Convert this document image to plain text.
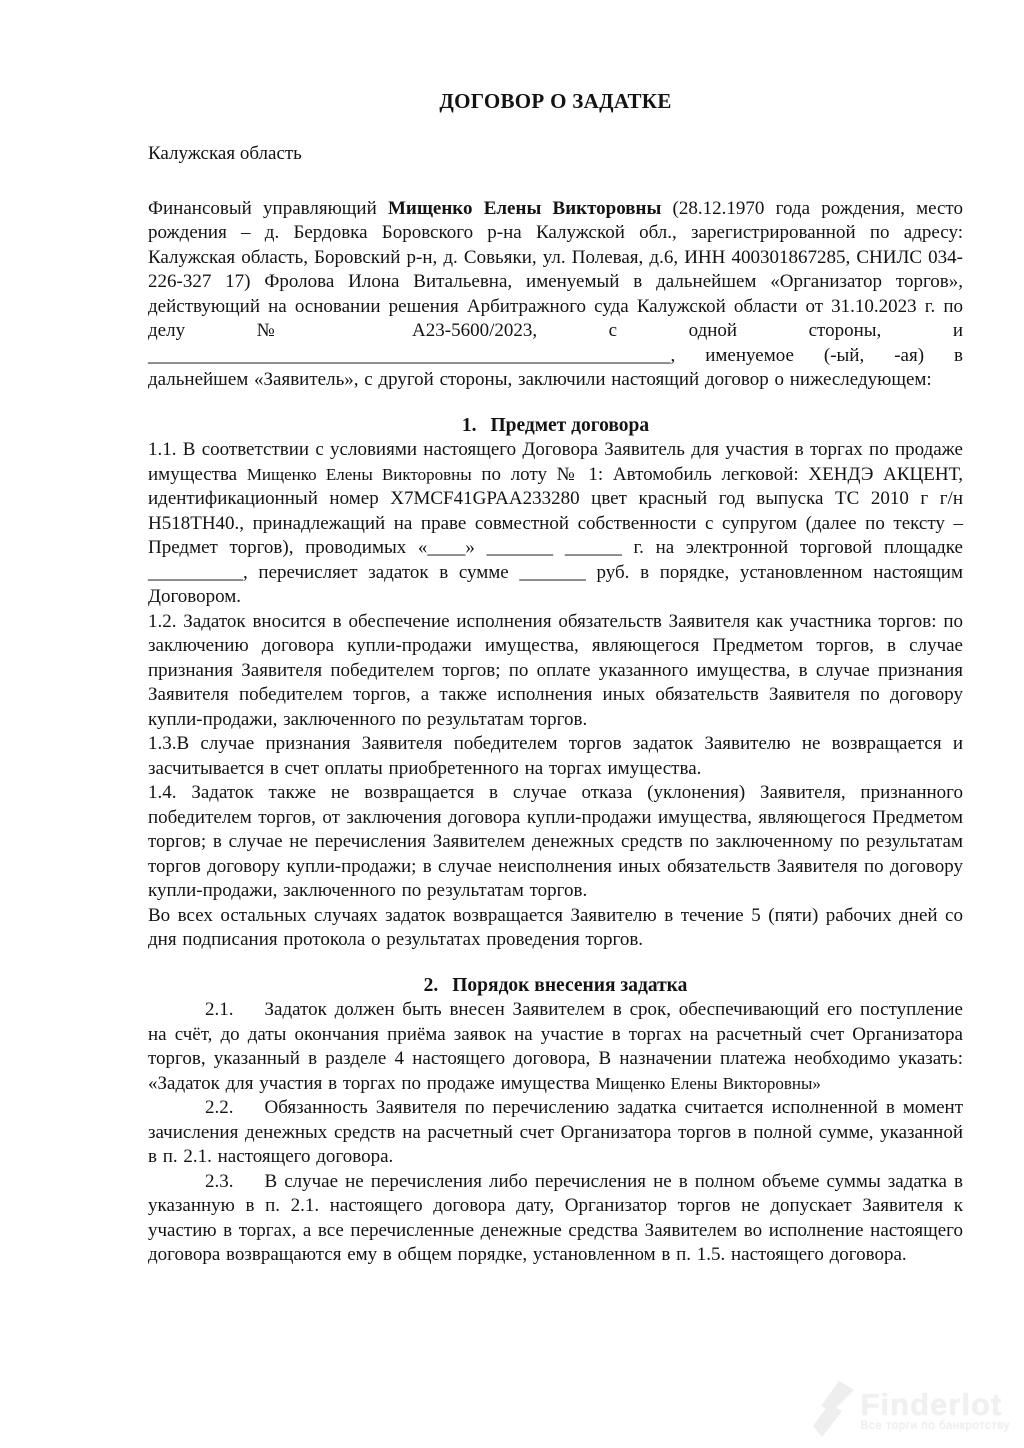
ДОГОВОР О ЗАДАТКЕ

Калужская область

Финансовый управляющий Мищенко Елены Викторовны (28.12.1970 года рождения, место рождения – д. Бердовка Боровского р-на Калужской обл., зарегистрированной по адресу: Калужская область, Боровский р-н, д. Совьяки, ул. Полевая, д.6, ИНН 400301867285, СНИЛС 034-226-327 17) Фролова Илона Витальевна, именуемый в дальнейшем «Организатор торгов», действующий на основании решения Арбитражного суда Калужской области от 31.10.2023 г. по делу № А23-5600/2023, с одной стороны, и _______________________________________________________, именуемое (-ый, -ая) в дальнейшем «Заявитель», с другой стороны, заключили настоящий договор о нижеследующем:

1. Предмет договора

1.1. В соответствии с условиями настоящего Договора Заявитель для участия в торгах по продаже имущества Мищенко Елены Викторовны по лоту № 1: Автомобиль легковой: ХЕНДЭ АКЦЕНТ, идентификационный номер X7MCF41GPAA233280 цвет красный год выпуска ТС 2010 г г/н Н518ТН40., принадлежащий на праве совместной собственности с супругом (далее по тексту – Предмет торгов), проводимых «____» _______ ______ г. на электронной торговой площадке __________, перечисляет задаток в сумме _______ руб. в порядке, установленном настоящим Договором.

1.2. Задаток вносится в обеспечение исполнения обязательств Заявителя как участника торгов: по заключению договора купли-продажи имущества, являющегося Предметом торгов, в случае признания Заявителя победителем торгов; по оплате указанного имущества, в случае признания Заявителя победителем торгов, а также исполнения иных обязательств Заявителя по договору купли-продажи, заключенного по результатам торгов.

1.3.В случае признания Заявителя победителем торгов задаток Заявителю не возвращается и засчитывается в счет оплаты приобретенного на торгах имущества.

1.4. Задаток также не возвращается в случае отказа (уклонения) Заявителя, признанного победителем торгов, от заключения договора купли-продажи имущества, являющегося Предметом торгов; в случае не перечисления Заявителем денежных средств по заключенному по результатам торгов договору купли-продажи; в случае неисполнения иных обязательств Заявителя по договору купли-продажи, заключенного по результатам торгов.

Во всех остальных случаях задаток возвращается Заявителю в течение 5 (пяти) рабочих дней со дня подписания протокола о результатах проведения торгов.

2. Порядок внесения задатка

2.1. Задаток должен быть внесен Заявителем в срок, обеспечивающий его поступление на счёт, до даты окончания приёма заявок на участие в торгах на расчетный счет Организатора торгов, указанный в разделе 4 настоящего договора, В назначении платежа необходимо указать: «Задаток для участия в торгах по продаже имущества Мищенко Елены Викторовны»

2.2. Обязанность Заявителя по перечислению задатка считается исполненной в момент зачисления денежных средств на расчетный счет Организатора торгов в полной сумме, указанной в п. 2.1. настоящего договора.

2.3. В случае не перечисления либо перечисления не в полном объеме суммы задатка в указанную в п. 2.1. настоящего договора дату, Организатор торгов не допускает Заявителя к участию в торгах, а все перечисленные денежные средства Заявителем во исполнение настоящего договора возвращаются ему в общем порядке, установленном в п. 1.5. настоящего договора.

Finderlot
Все торги по банкротству
